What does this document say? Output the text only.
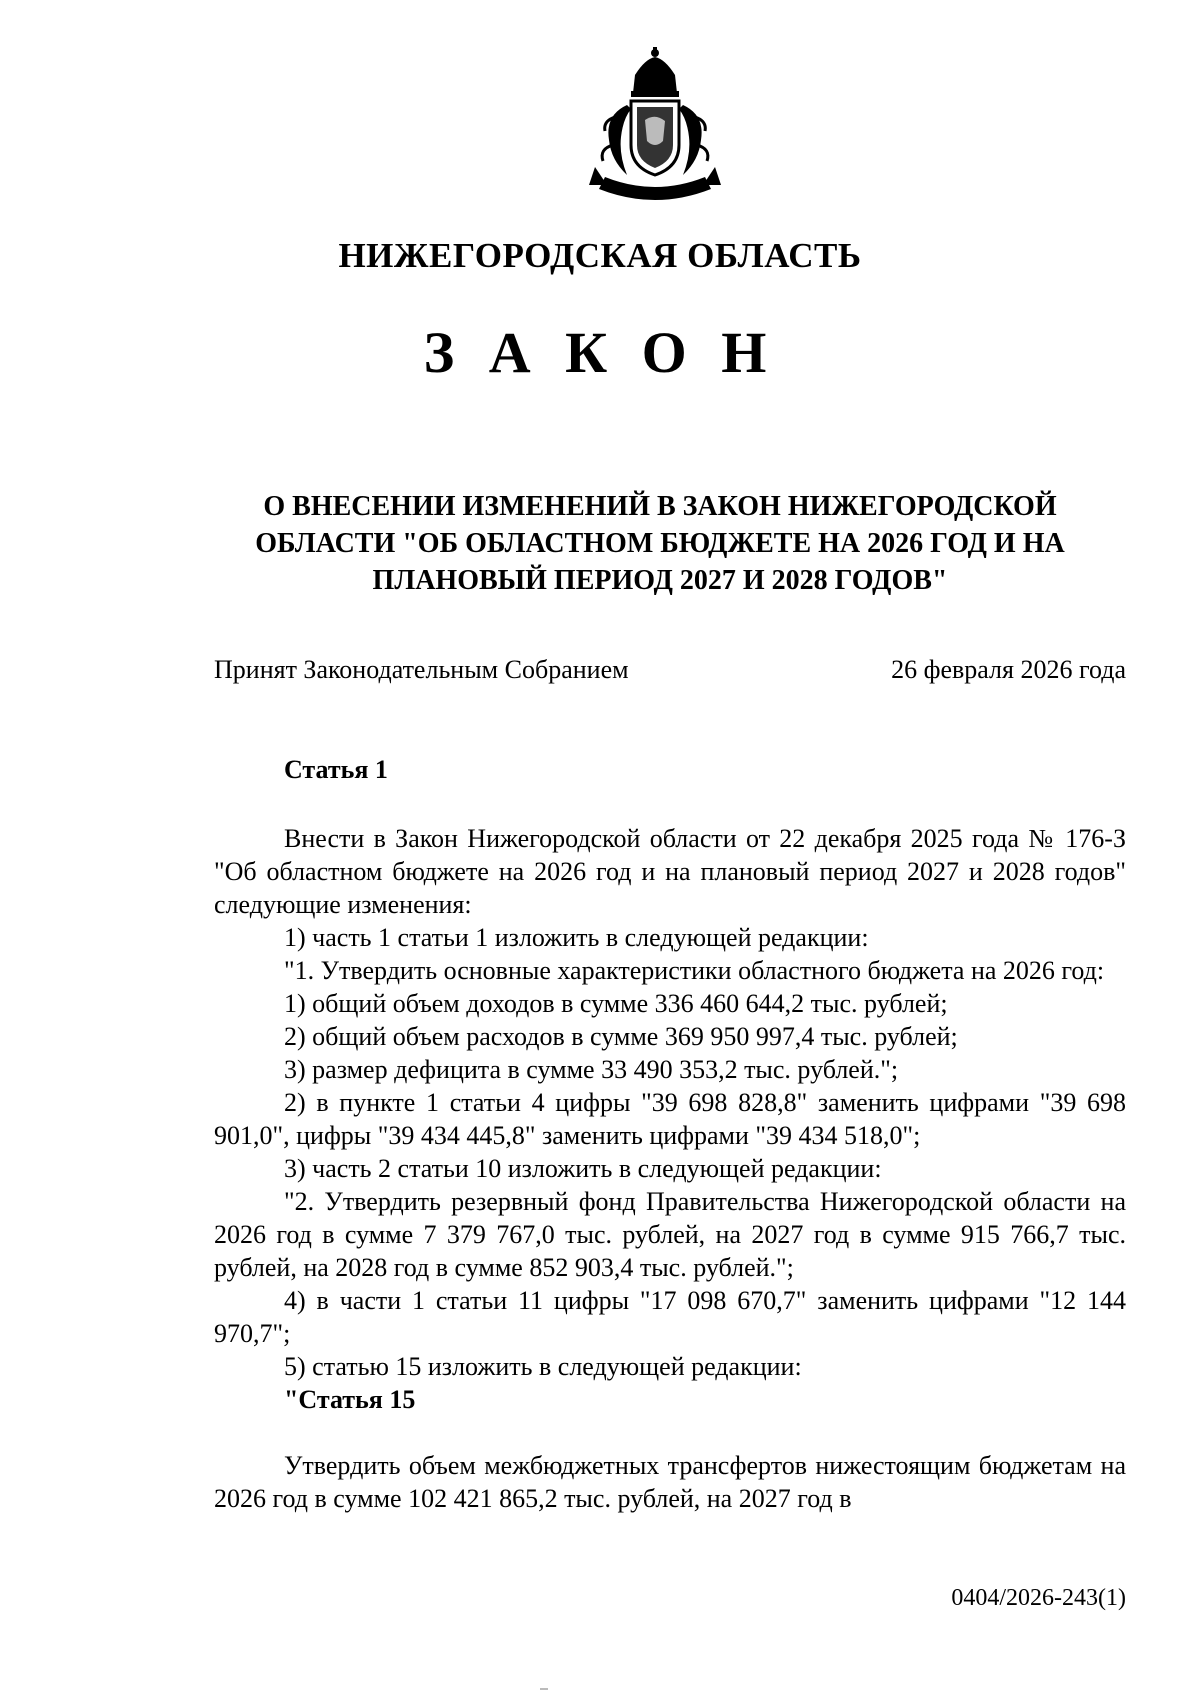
НИЖЕГОРОДСКАЯ ОБЛАСТЬ
З А К О Н
О ВНЕСЕНИИ ИЗМЕНЕНИЙ В ЗАКОН НИЖЕГОРОДСКОЙ
ОБЛАСТИ "ОБ ОБЛАСТНОМ БЮДЖЕТЕ НА 2026 ГОД И НА
ПЛАНОВЫЙ ПЕРИОД 2027 И 2028 ГОДОВ"
Принят Законодательным Собранием	26 февраля 2026 года
Статья 1

Внести в Закон Нижегородской области от 22 декабря 2025 года № 176-З "Об областном бюджете на 2026 год и на плановый период 2027 и 2028 годов" следующие изменения:

1) часть 1 статьи 1 изложить в следующей редакции:

"1. Утвердить основные характеристики областного бюджета на 2026 год:

1) общий объем доходов в сумме 336 460 644,2 тыс. рублей;

2) общий объем расходов в сумме 369 950 997,4 тыс. рублей;

3) размер дефицита в сумме 33 490 353,2 тыс. рублей.";

2) в пункте 1 статьи 4 цифры "39 698 828,8" заменить цифрами "39 698 901,0", цифры "39 434 445,8" заменить цифрами "39 434 518,0";

3) часть 2 статьи 10 изложить в следующей редакции:

"2. Утвердить резервный фонд Правительства Нижегородской области на 2026 год в сумме 7 379 767,0 тыс. рублей, на 2027 год в сумме 915 766,7 тыс. рублей, на 2028 год в сумме 852 903,4 тыс. рублей.";

4) в части 1 статьи 11 цифры "17 098 670,7" заменить цифрами "12 144 970,7";

5) статью 15 изложить в следующей редакции:

"Статья 15

Утвердить объем межбюджетных трансфертов нижестоящим бюджетам на 2026 год в сумме 102 421 865,2 тыс. рублей, на 2027 год в

0404/2026-243(1)
